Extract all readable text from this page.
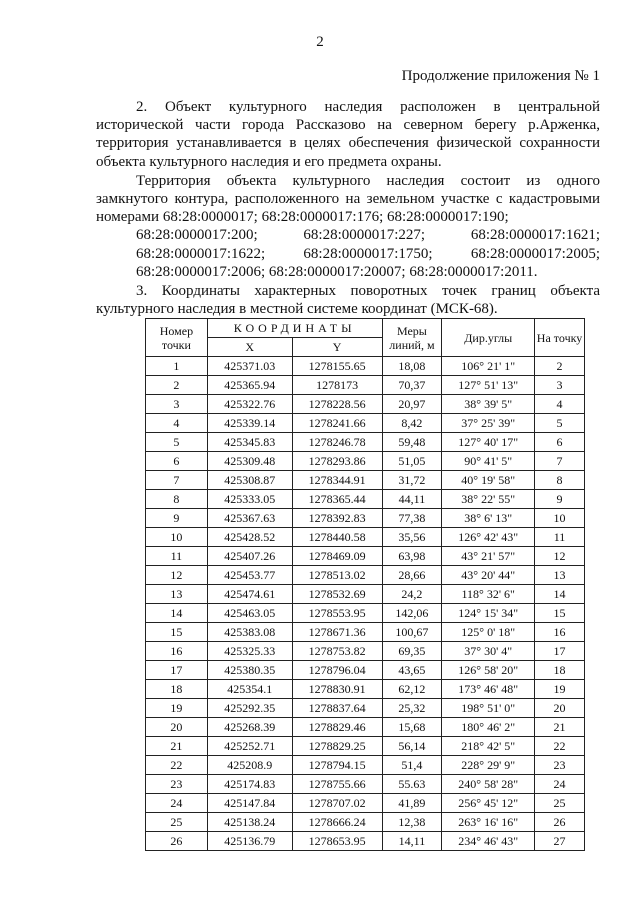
2
Продолжение приложения № 1

2. Объект культурного наследия расположен в центральной исторической части города Рассказово на северном берегу р.Арженка, территория устанавливается в целях обеспечения физической сохранности объекта культурного наследия и его предмета охраны.

Территория объекта культурного наследия состоит из одного замкнутого контура, расположенного на земельном участке с кадастровыми номерами 68:28:0000017; 68:28:0000017:176; 68:28:0000017:190;
68:28:0000017:200; 68:28:0000017:227; 68:28:0000017:1621;
68:28:0000017:1622; 68:28:0000017:1750; 68:28:0000017:2005;
68:28:0000017:2006; 68:28:0000017:20007; 68:28:0000017:2011.

3. Координаты характерных поворотных точек границ объекта культурного наследия в местной системе координат (МСК-68).

Номер точки	КООРДИНАТЫ		Меры линий, м	Дир.углы	На точку
	X	Y			
1	425371.03	1278155.65	18,08	106° 21' 1"	2
2	425365.94	1278173	70,37	127° 51' 13"	3
3	425322.76	1278228.56	20,97	38° 39' 5"	4
4	425339.14	1278241.66	8,42	37° 25' 39"	5
5	425345.83	1278246.78	59,48	127° 40' 17"	6
6	425309.48	1278293.86	51,05	90° 41' 5"	7
7	425308.87	1278344.91	31,72	40° 19' 58"	8
8	425333.05	1278365.44	44,11	38° 22' 55"	9
9	425367.63	1278392.83	77,38	38° 6' 13"	10
10	425428.52	1278440.58	35,56	126° 42' 43"	11
11	425407.26	1278469.09	63,98	43° 21' 57"	12
12	425453.77	1278513.02	28,66	43° 20' 44"	13
13	425474.61	1278532.69	24,2	118° 32' 6"	14
14	425463.05	1278553.95	142,06	124° 15' 34"	15
15	425383.08	1278671.36	100,67	125° 0' 18"	16
16	425325.33	1278753.82	69,35	37° 30' 4"	17
17	425380.35	1278796.04	43,65	126° 58' 20"	18
18	425354.1	1278830.91	62,12	173° 46' 48"	19
19	425292.35	1278837.64	25,32	198° 51' 0"	20
20	425268.39	1278829.46	15,68	180° 46' 2"	21
21	425252.71	1278829.25	56,14	218° 42' 5"	22
22	425208.9	1278794.15	51,4	228° 29' 9"	23
23	425174.83	1278755.66	55.63	240° 58' 28"	24
24	425147.84	1278707.02	41,89	256° 45' 12"	25
25	425138.24	1278666.24	12,38	263° 16' 16"	26
26	425136.79	1278653.95	14,11	234° 46' 43"	27
